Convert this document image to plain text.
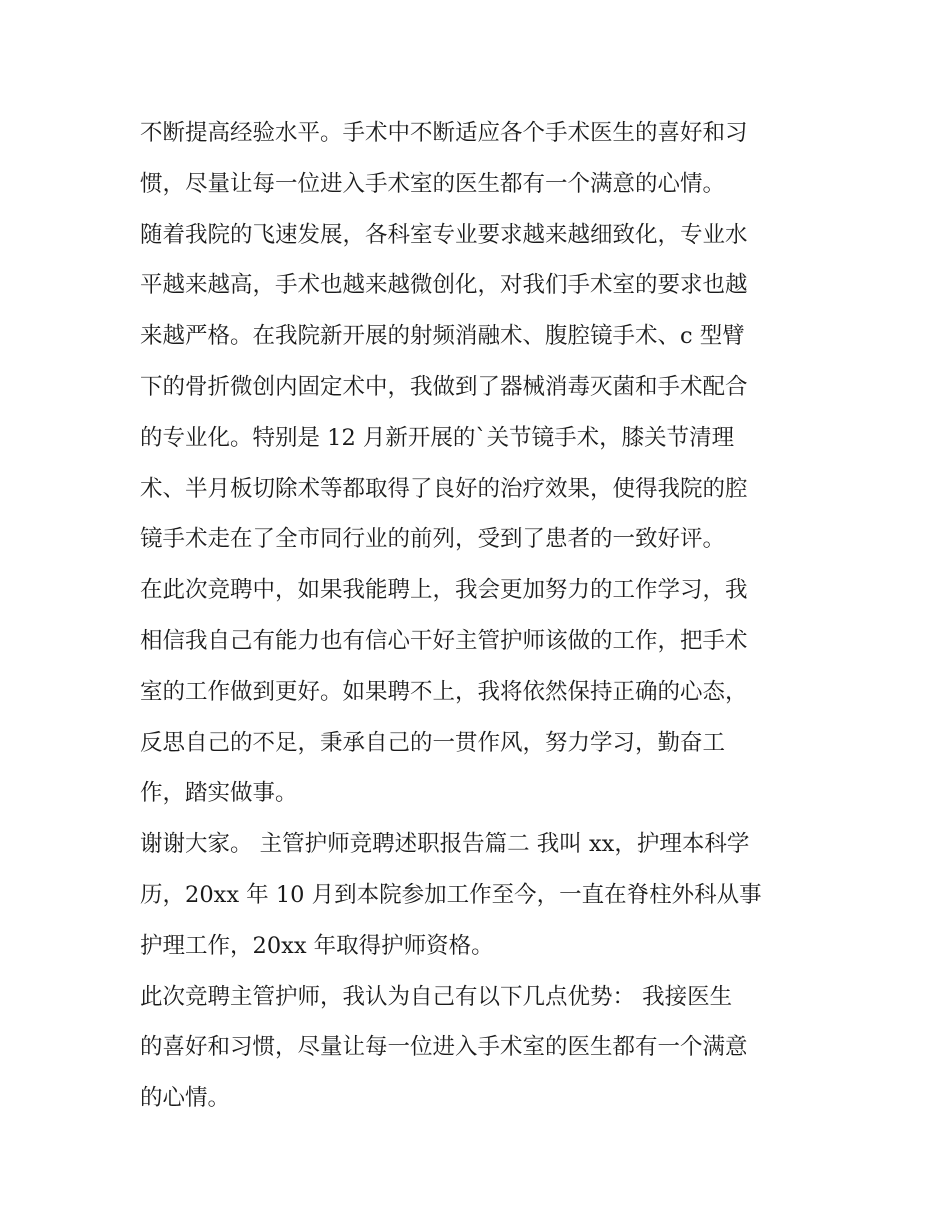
不断提高经验水平。手术中不断适应各个手术医生的喜好和习
惯，尽量让每一位进入手术室的医生都有一个满意的心情。
随着我院的飞速发展，各科室专业要求越来越细致化，专业水
平越来越高，手术也越来越微创化，对我们手术室的要求也越
来越严格。在我院新开展的射频消融术、腹腔镜手术、c 型臂
下的骨折微创内固定术中，我做到了器械消毒灭菌和手术配合
的专业化。特别是 12 月新开展的`关节镜手术，膝关节清理
术、半月板切除术等都取得了良好的治疗效果，使得我院的腔
镜手术走在了全市同行业的前列，受到了患者的一致好评。
在此次竞聘中，如果我能聘上，我会更加努力的工作学习，我
相信我自己有能力也有信心干好主管护师该做的工作，把手术
室的工作做到更好。如果聘不上，我将依然保持正确的心态，
反思自己的不足，秉承自己的一贯作风，努力学习，勤奋工
作，踏实做事。
谢谢大家。 主管护师竞聘述职报告篇二 我叫 xx，护理本科学
历，20xx 年 10 月到本院参加工作至今，一直在脊柱外科从事
护理工作，20xx 年取得护师资格。
此次竞聘主管护师，我认为自己有以下几点优势： 我接医生
的喜好和习惯，尽量让每一位进入手术室的医生都有一个满意
的心情。
